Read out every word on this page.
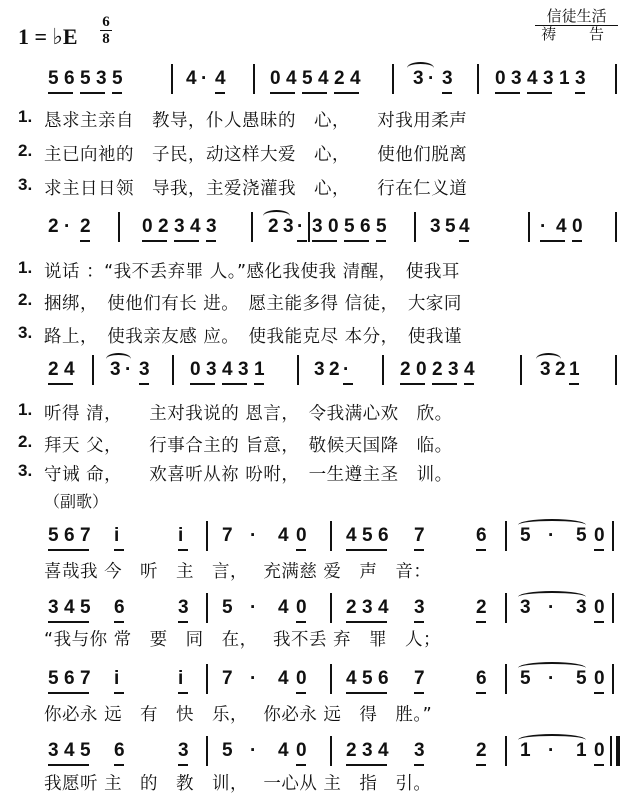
1 = ♭E
6
8
信徒生活
祷 告
5 6 5 3 5	4 · 4 0 4 5 4 2 4	3 · 3 0 3 4 3 1 3
1.
2.
3.
恳求主亲自　教导，仆人愚昧的　心，　　对我用柔声
主已向祂的　子民，动这样大爱　心，　　使他们脱离
求主日日领　导我，主爱浇灌我　心，　　行在仁义道
2 · 2	0 2 3 4 3	2 3 · 3 0 5 6 5 3 5 4	· 4 0
1.
2.
3.
说话 ：“我不丢弃罪 人。”感化我使我 清醒，　使我耳
捆绑，　使他们有长 进。　愿主能多得 信徒，　大家同
路上，　使我亲友感 应。　使我能克尽 本分，　使我谨
2 4 3 · 3 0 3 4 3 1	3 2 ·	2 0 2 3 4	3 2 1
1.
2.
3.
听得 清，　　主对我说的 恩言，　令我满心欢　欣。
拜天 父，　　行事合主的 旨意，　敬候天国降　临。
守诫 命，　　欢喜听从祢 吩咐，　一生遵主圣　训。
（副歌）
5 6 7 i	i 7 · 4 0 4 5 6 7	6 5 · 5 0
喜哉我 今　听　主　言，　 充满慈 爱　声　音：
3 4 5 6	3 5 · 4 0 2 3 4 3	2 3 · 3 0
“我与你 常　要　同　在，　 我不丢 弃　罪　人；
5 6 7 i	i 7 · 4 0 4 5 6 7	6 5 · 5 0
你必永 远　有　快　乐，　 你必永 远　得　胜。”
3 4 5 6	3 5 · 4 0 2 3 4 3	2 1 · 1 0
我愿听 主　的　教　训，　 一心从 主　指　引。
